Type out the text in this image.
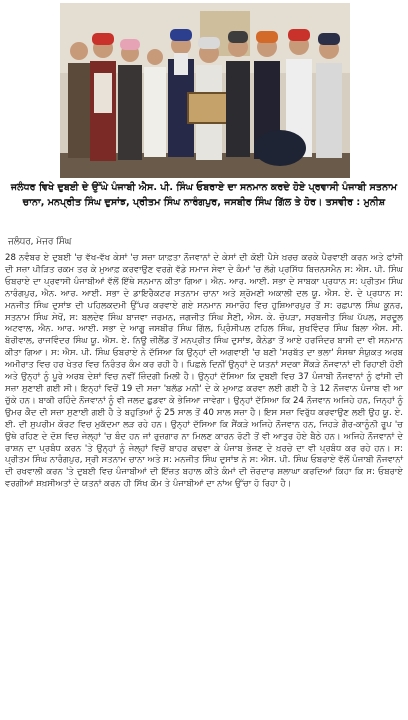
ਜਲੰਧਰ ਵਿਖੇ ਦੁਬਈ ਦੇ ਉੱਘੇ ਪੰਜਾਬੀ ਐਸ. ਪੀ. ਸਿੰਘ ਓਬਰਾਏ ਦਾ ਸਨਮਾਨ ਕਰਦੇ ਹੋਏ ਪ੍ਰਵਾਸੀ ਪੰਜਾਬੀ ਸਤਨਾਮ ਚਾਨਾ, ਮਨਪ੍ਰੀਤ ਸਿੰਘ ਦੁਸਾਂਝ, ਪ੍ਰੀਤਮ ਸਿੰਘ ਨਾਰੰਗਪੁਰ, ਜਸਬੀਰ ਸਿੰਘ ਗਿੱਲ ਤੇ ਹੋਰ। ਤਸਵੀਰ : ਮੁਨੀਸ਼
ਜਲੰਧਰ, ਮੇਜਰ ਸਿੰਘ

28 ਨਵੰਬਰ ਏ ਦੁਬਈ 'ਚ ਵੱਖ-ਵੱਖ ਕੇਸਾਂ 'ਚ ਸਜ਼ਾ ਯਾਫ਼ਤਾ ਨੌਜਵਾਨਾਂ ਦੇ ਕੇਸਾਂ ਦੀ ਕੋਈ ਪੈਸੇ ਖ਼ਰਚ ਕਰਕੇ ਪੈਰਵਾਈ ਕਰਨ ਅਤੇ ਫਾਂਸੀ ਦੀ ਸਜ਼ਾ ਪੀੜਿਤ ਰਕਮ ਤਰ ਕੇ ਮੁਆਫ਼ ਕਰਵਾਉਣ ਵਰਗੇ ਵੱਡੇ ਸਮਾਜ ਸੇਵਾ ਦੇ ਕੰਮਾਂ 'ਚ ਲੱਗੇ ਪ੍ਰਸਿੱਧ ਬਿਜ਼ਨਸਮੈਨ ਸ: ਐਸ. ਪੀ. ਸਿੰਘ ਓਬਰਾਏ ਦਾ ਪ੍ਰਵਾਸੀ ਪੰਜਾਬੀਆਂ ਵੱਲੋਂ ਇੱਥੇ ਸਨਮਾਨ ਕੀਤਾ ਗਿਆ। ਐਨ. ਆਰ. ਆਈ. ਸਭਾ ਦੇ ਸਾਬਕਾ ਪ੍ਰਧਾਨ ਸ: ਪ੍ਰੀਤਮ ਸਿੰਘ ਨਾਰੰਗਪੁਰ, ਐਨ. ਆਰ. ਆਈ. ਸਭਾ ਦੇ ਡਾਇਰੈਕਟਰ ਸਤਨਾਮ ਚਾਨਾ ਅਤੇ ਸ਼੍ਰੋਮਣੀ ਅਕਾਲੀ ਦਲ ਯੂ. ਐਸ. ਏ. ਦੇ ਪ੍ਰਧਾਨ ਸ: ਮਨਜੀਤ ਸਿੰਘ ਦੁਸਾਂਝ ਦੀ ਪਹਿਲਕਦਮੀ ਉੱਪਰ ਕਰਵਾਏ ਗਏ ਸਨਮਾਨ ਸਮਾਰੋਹ ਵਿਚ ਹੁਸ਼ਿਆਰਪੁਰ ਤੋਂ ਸ: ਰਛਪਾਲ ਸਿੰਘ ਕੂਨਰ, ਸਤਨਾਮ ਸਿੰਘ ਸੇਖੋਂ, ਸ: ਬਲਦੇਵ ਸਿੰਘ ਬਾਜਵਾ ਜਰਮਨ, ਜਗਜੀਤ ਸਿੰਘ ਸੈਣੀ, ਐਸ. ਕੇ. ਚੋਪੜਾ, ਸਰਬਜੀਤ ਸਿੰਘ ਪੱਪਲ, ਸਰਦੂਲ ਅਟਵਾਲ, ਐਨ. ਆਰ. ਆਈ. ਸਭਾ ਦੇ ਆਗੂ ਜਸਬੀਰ ਸਿੰਘ ਗਿੱਲ, ਪ੍ਰਿੰਸੀਪਲ ਟਹਿਲ ਸਿੰਘ, ਸੁਖਵਿੰਦਰ ਸਿੰਘ ਬਿਲਾ ਐਸ. ਸੀ. ਬੋਰੀਵਾਲ, ਰਾਜਵਿੰਦਰ ਸਿੰਘ ਯੂ. ਐਸ. ਏ. ਨਿਊ ਜ਼ੀਲੈਂਡ ਤੋਂ ਮਨਪ੍ਰੀਤ ਸਿੰਘ ਦੁਸਾਂਝ, ਕੈਨੇਡਾ ਤੋਂ ਆਏ ਹਰਜਿੰਦਰ ਬਾਸੀ ਦਾ ਵੀ ਸਨਮਾਨ ਕੀਤਾ ਗਿਆ। ਸ: ਐਸ. ਪੀ. ਸਿੰਘ ਓਬਰਾਏ ਨੇ ਦੱਸਿਆ ਕਿ ਉਨ੍ਹਾਂ ਦੀ ਅਗਵਾਈ 'ਚ ਬਣੀ 'ਸਰਬੱਤ ਦਾ ਭਲਾ' ਸੰਸਥਾ ਸੰਯੁਕਤ ਅਰਬ ਅਮੀਰਾਤ ਵਿਚ ਹਰ ਖੇਤਰ ਵਿਚ ਨਿਰੰਤਰ ਕੰਮ ਕਰ ਰਹੀ ਹੈ। ਪਿਛਲੇ ਦਿਨੀਂ ਉਨ੍ਹਾਂ ਦੇ ਯਤਨਾਂ ਸਦਕਾ ਸੈਂਕੜੇ ਨੌਜਵਾਨਾਂ ਦੀ ਰਿਹਾਈ ਹੋਈ ਅਤੇ ਉਨ੍ਹਾਂ ਨੂੰ ਪੂਰੇ ਅਰਬ ਦੇਸ਼ਾਂ ਵਿਚ ਨਵੀਂ ਜ਼ਿੰਦਗੀ ਮਿਲੀ ਹੈ। ਉਨ੍ਹਾਂ ਦੱਸਿਆ ਕਿ ਦੁਬਈ ਵਿਚ 37 ਪੰਜਾਬੀ ਨੌਜਵਾਨਾਂ ਨੂੰ ਫਾਂਸੀ ਦੀ ਸਜ਼ਾ ਸੁਣਾਈ ਗਈ ਸੀ। ਇਨ੍ਹਾਂ ਵਿਚੋਂ 19 ਦੀ ਸਜ਼ਾ 'ਬਲੱਡ ਮਨੀ' ਦੇ ਕੇ ਮੁਆਫ਼ ਕਰਵਾ ਲਈ ਗਈ ਹੈ ਤੇ 12 ਨੌਜਵਾਨ ਪੰਜਾਬ ਵੀ ਆ ਚੁੱਕੇ ਹਨ। ਬਾਕੀ ਰਹਿੰਦੇ ਨੌਜਵਾਨਾਂ ਨੂੰ ਵੀ ਜਲਦ ਛੁਡਵਾ ਕੇ ਭੇਜਿਆ ਜਾਵੇਗਾ। ਉਨ੍ਹਾਂ ਦੱਸਿਆ ਕਿ 24 ਨੌਜਵਾਨ ਅਜਿਹੇ ਹਨ, ਜਿਨ੍ਹਾਂ ਨੂੰ ਉਮਰ ਕੈਦ ਦੀ ਸਜ਼ਾ ਸੁਣਾਈ ਗਈ ਹੈ ਤੇ ਬਹੁਤਿਆਂ ਨੂੰ 25 ਸਾਲ ਤੋਂ 40 ਸਾਲ ਸਜ਼ਾ ਹੈ। ਇਸ ਸਜ਼ਾ ਵਿਰੁੱਧ ਕਰਵਾਉਣ ਲਈ ਉਹ ਯੂ. ਏ. ਈ. ਦੀ ਸੁਪਰੀਮ ਕੋਰਟ ਵਿਚ ਮੁਕੱਦਮਾ ਲੜ ਰਹੇ ਹਨ। ਉਨ੍ਹਾਂ ਦੱਸਿਆ ਕਿ ਸੈਂਕੜੇ ਅਜਿਹੇ ਨੌਜਵਾਨ ਹਨ, ਜਿਹੜੇ ਗੈਰ-ਕਾਨੂੰਨੀ ਰੂਪ 'ਚ ਉਥੇ ਰਹਿਣ ਦੇ ਦੋਸ਼ ਵਿਚ ਜੇਲ੍ਹਾਂ 'ਚ ਬੰਦ ਹਨ ਜਾਂ ਰੁਜ਼ਗਾਰ ਨਾ ਮਿਲਣ ਕਾਰਨ ਰੋਟੀ ਤੋਂ ਵੀ ਆਤੁਰ ਹੋਏ ਬੈਠੇ ਹਨ। ਅਜਿਹੇ ਨੌਜਵਾਨਾਂ ਦੇ ਰਾਸ਼ਨ ਦਾ ਪ੍ਰਬੰਧ ਕਰਨ 'ਤੇ ਉਨ੍ਹਾਂ ਨੂੰ ਜੇਲ੍ਹਾਂ ਵਿਚੋਂ ਬਾਹਰ ਕਢਵਾ ਕੇ ਪੰਜਾਬ ਭੇਜਣ ਦੇ ਖ਼ਰਚੇ ਦਾ ਵੀ ਪ੍ਰਬੰਧ ਕਰ ਰਹੇ ਹਨ। ਸ: ਪ੍ਰੀਤਮ ਸਿੰਘ ਨਾਰੰਗਪੁਰ, ਸ੍ਰੀ ਸਤਨਾਮ ਚਾਨਾ ਅਤੇ ਸ: ਮਨਜੀਤ ਸਿੰਘ ਦੁਸਾਂਝ ਨੇ ਸ: ਐਸ. ਪੀ. ਸਿੰਘ ਓਬਰਾਏ ਵੱਲੋਂ ਪੰਜਾਬੀ ਨੌਜਵਾਨਾਂ ਦੀ ਰਖਵਾਲੀ ਕਰਨ 'ਤੇ ਦੁਬਈ ਵਿਚ ਪੰਜਾਬੀਆਂ ਦੀ ਇੱਜ਼ਤ ਬਹਾਲ ਕੀਤੇ ਕੰਮਾਂ ਦੀ ਜ਼ੋਰਦਾਰ ਸ਼ਲਾਘਾ ਕਰਦਿਆਂ ਕਿਹਾ ਕਿ ਸ: ਓਬਰਾਏ ਵਰਗੀਆਂ ਸ਼ਖ਼ਸੀਅਤਾਂ ਦੇ ਯਤਨਾਂ ਕਰਨ ਹੀ ਸਿੱਖ ਕੌਮ ਤੇ ਪੰਜਾਬੀਆਂ ਦਾ ਨਾਂਅ ਉੱਚਾ ਹੋ ਰਿਹਾ ਹੈ।
